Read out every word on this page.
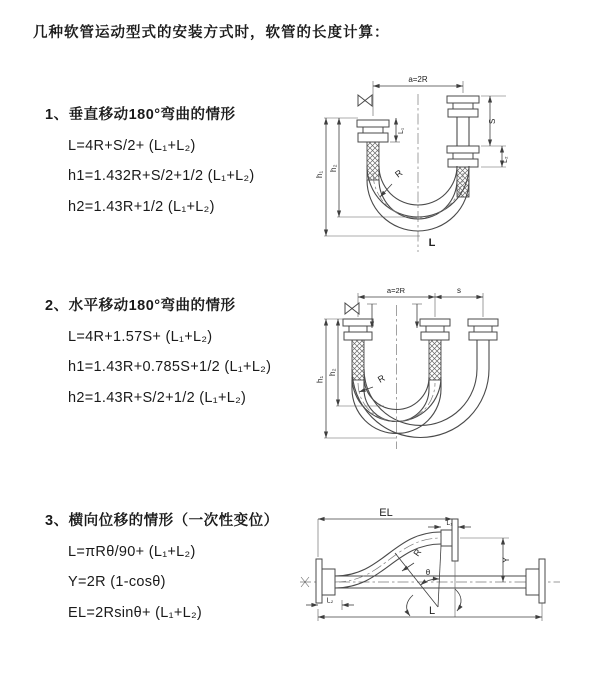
几种软管运动型式的安装方式时，软管的长度计算：
1、垂直移动180°弯曲的情形
L=4R+S/2+ (L₁+L₂)
h1=1.432R+S/2+1/2 (L₁+L₂)
h2=1.43R+1/2 (L₁+L₂)
a=2R
h₁
h₂
L₁
S
L₂
R
L
2、水平移动180°弯曲的情形
L=4R+1.57S+ (L₁+L₂)
h1=1.43R+0.785S+1/2 (L₁+L₂)
h2=1.43R+S/2+1/2 (L₁+L₂)
a=2R	s
h₁
h₂
R
3、横向位移的情形（一次性变位）
L=πRθ/90+ (L₁+L₂)
Y=2R (1-cosθ)
EL=2Rsinθ+ (L₁+L₂)
EL
L₁
Y
θ
R
L₂
L
